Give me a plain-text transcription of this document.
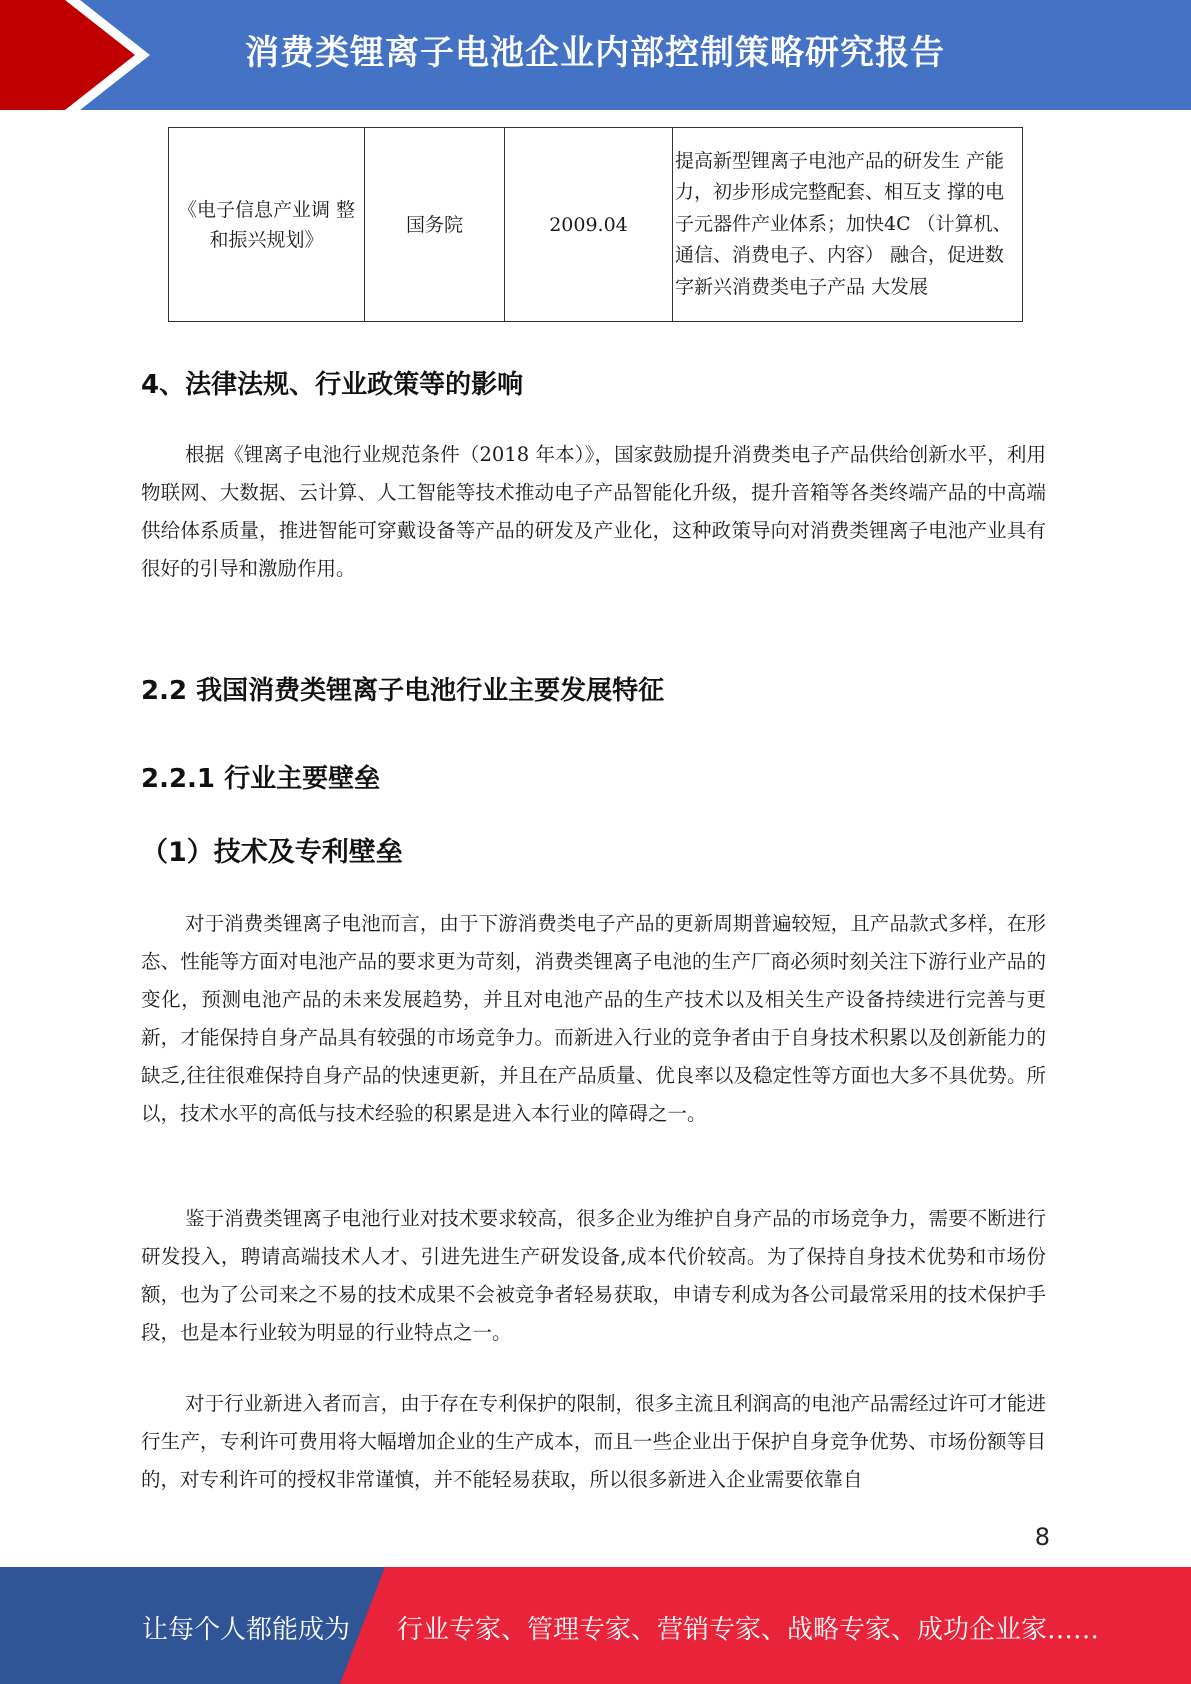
消费类锂离子电池企业内部控制策略研究报告
《电子信息产业调 整和振兴规划》	国务院	2009.04	提高新型锂离子电池产品的研发生 产能力，初步形成完整配套、相互支 撑的电子元器件产业体系；加快4C （计算机、通信、消费电子、内容） 融合，促进数字新兴消费类电子产品 大发展
4、法律法规、行业政策等的影响

根据《锂离子电池行业规范条件（2018 年本）》，国家鼓励提升消费类电子产品供给创新水平，利用物联网、大数据、云计算、人工智能等技术推动电子产品智能化升级，提升音箱等各类终端产品的中高端供给体系质量，推进智能可穿戴设备等产品的研发及产业化，这种政策导向对消费类锂离子电池产业具有很好的引导和激励作用。

2.2 我国消费类锂离子电池行业主要发展特征
2.2.1 行业主要壁垒
（1）技术及专利壁垒

对于消费类锂离子电池而言，由于下游消费类电子产品的更新周期普遍较短，且产品款式多样，在形态、性能等方面对电池产品的要求更为苛刻，消费类锂离子电池的生产厂商必须时刻关注下游行业产品的变化，预测电池产品的未来发展趋势，并且对电池产品的生产技术以及相关生产设备持续进行完善与更新，才能保持自身产品具有较强的市场竞争力。而新进入行业的竞争者由于自身技术积累以及创新能力的缺乏,往往很难保持自身产品的快速更新，并且在产品质量、优良率以及稳定性等方面也大多不具优势。所以，技术水平的高低与技术经验的积累是进入本行业的障碍之一。

鉴于消费类锂离子电池行业对技术要求较高，很多企业为维护自身产品的市场竞争力，需要不断进行研发投入，聘请高端技术人才、引进先进生产研发设备,成本代价较高。为了保持自身技术优势和市场份额，也为了公司来之不易的技术成果不会被竞争者轻易获取，申请专利成为各公司最常采用的技术保护手段，也是本行业较为明显的行业特点之一。

对于行业新进入者而言，由于存在专利保护的限制，很多主流且利润高的电池产品需经过许可才能进行生产，专利许可费用将大幅增加企业的生产成本，而且一些企业出于保护自身竞争优势、市场份额等目的，对专利许可的授权非常谨慎，并不能轻易获取，所以很多新进入企业需要依靠自

8
让每个人都能成为 行业专家、管理专家、营销专家、战略专家、成功企业家……
